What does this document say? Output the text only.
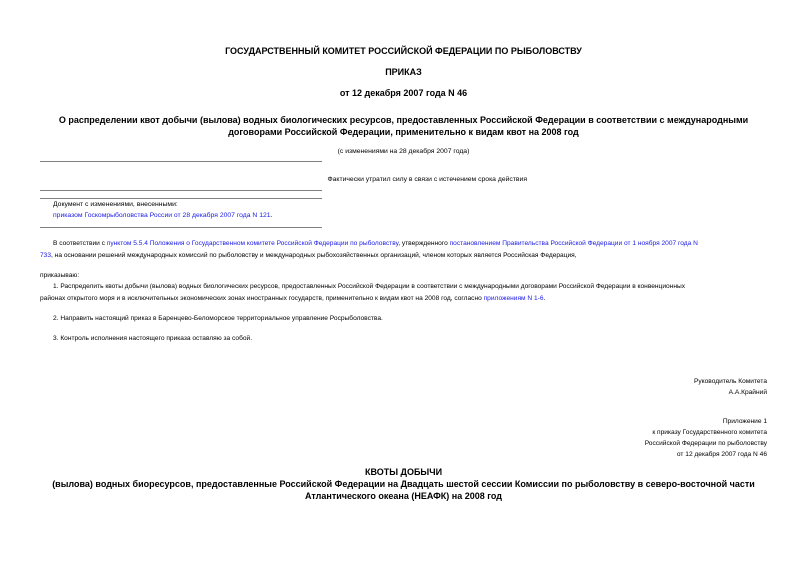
ГОСУДАРСТВЕННЫЙ КОМИТЕТ РОССИЙСКОЙ ФЕДЕРАЦИИ ПО РЫБОЛОВСТВУ
ПРИКАЗ
от 12 декабря 2007 года N 46
О распределении квот добычи (вылова) водных биологических ресурсов, предоставленных Российской Федерации в соответствии с международными
договорами Российской Федерации, применительно к видам квот на 2008 год
(с изменениями на 28 декабря 2007 года)
Фактически утратил силу в связи с истечением срока действия
Документ с изменениями, внесенными:
приказом Госкомрыболовства России от 28 декабря 2007 года N 121.
В соответствии с пунктом 5.5.4 Положения о Государственном комитете Российской Федерации по рыболовству, утвержденного постановлением Правительства Российской Федерации от 1 ноября 2007 года N
733, на основании решений международных комиссий по рыболовству и международных рыбохозяйственных организаций, членом которых является Российская Федерация,
приказываю:
1. Распределить квоты добычи (вылова) водных биологических ресурсов, предоставленных Российской Федерации в соответствии с международными договорами Российской Федерации в конвенционных
районах открытого моря и в исключительных экономических зонах иностранных государств, применительно к видам квот на 2008 год, согласно приложениям N 1-6.
2. Направить настоящий приказ в Баренцево-Беломорское территориальное управление Росрыболовства.
3. Контроль исполнения настоящего приказа оставляю за собой.
Руководитель Комитета
А.А.Крайний
Приложение 1
к приказу Государственного комитета
Российской Федерации по рыболовству
от 12 декабря 2007 года N 46
КВОТЫ ДОБЫЧИ
(вылова) водных биоресурсов, предоставленные Российской Федерации на Двадцать шестой сессии Комиссии по рыболовству в северо-восточной части
Атлантического океана (НЕАФК) на 2008 год
